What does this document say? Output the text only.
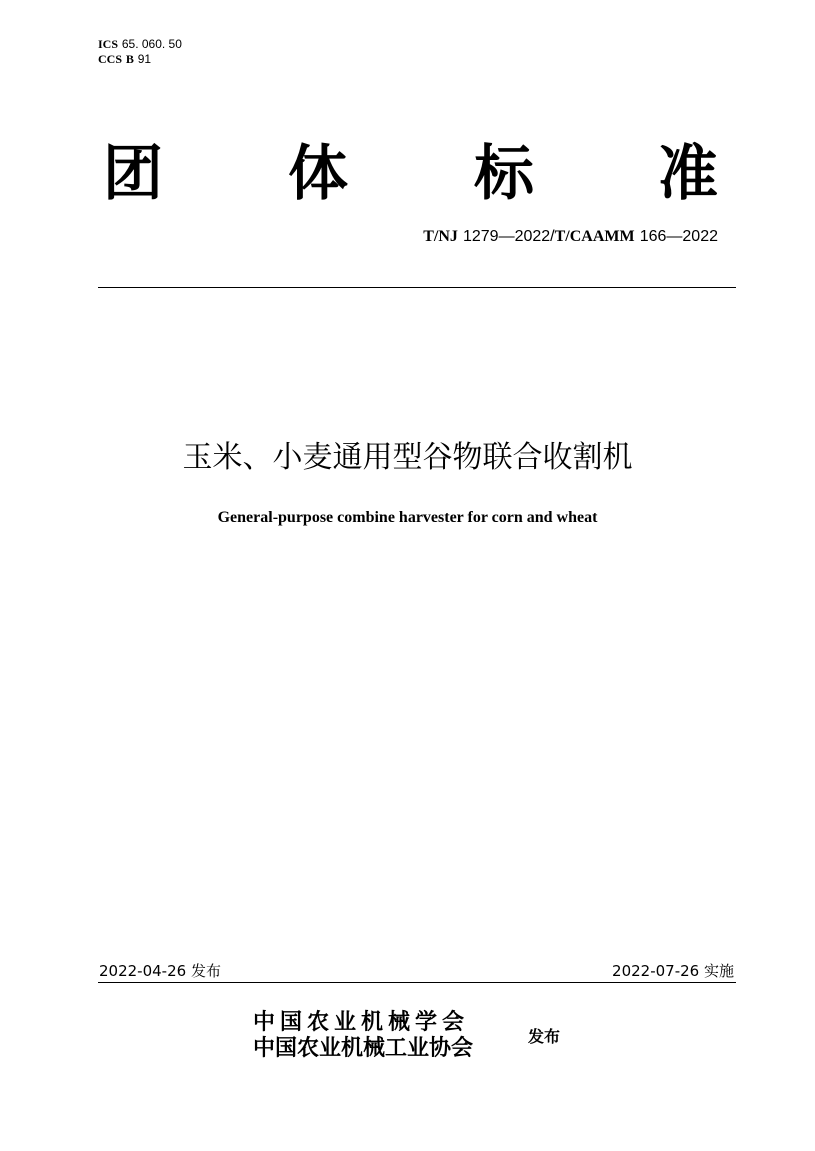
ICS 65. 060. 50
CCS B 91
团 体 标 准
T/NJ 1279—2022/T/CAAMM 166—2022
玉米、小麦通用型谷物联合收割机
General-purpose combine harvester for corn and wheat
2022-04-26 发布	2022-07-26 实施
中国农业机械学会
中国农业机械工业协会	发布
